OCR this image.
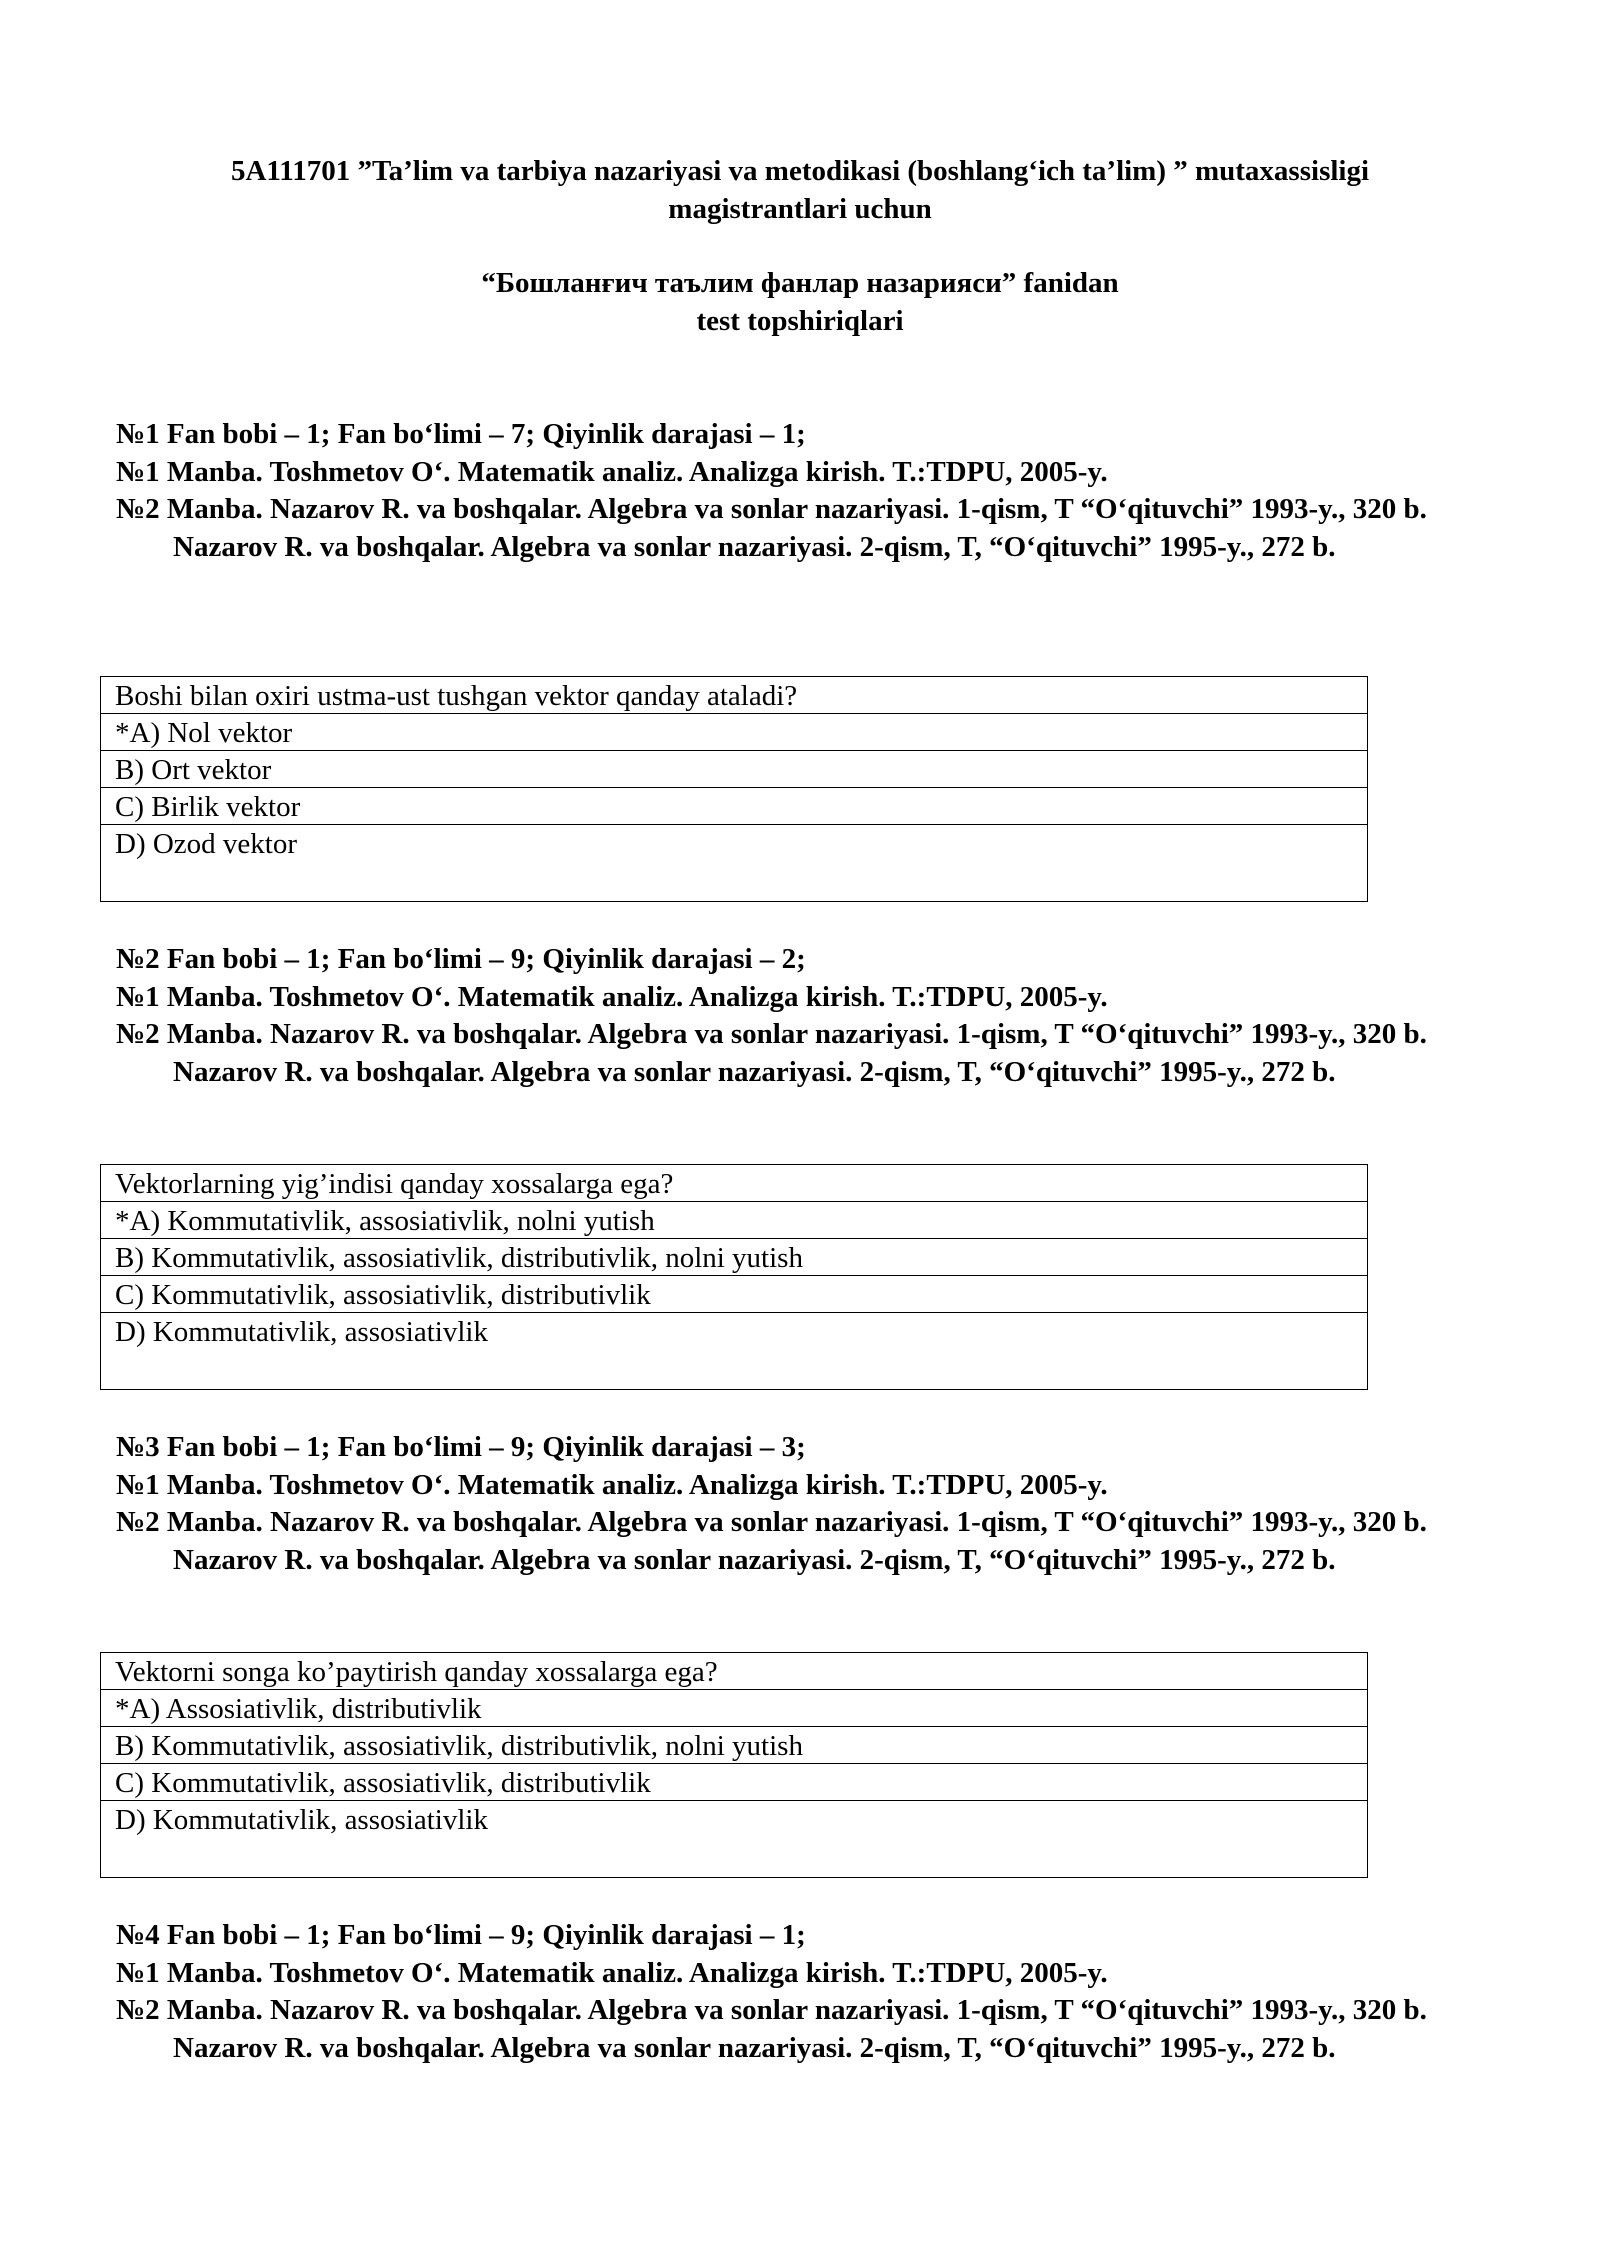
5A111701 ”Ta’lim va tarbiya nazariyasi va metodikasi (boshlang‘ich ta’lim) ” mutaxassisligi
magistrantlari uchun
“Бошланғич таълим фанлар назарияси” fanidan
test topshiriqlari

№1 Fan bobi – 1; Fan bo‘limi – 7; Qiyinlik darajasi – 1;

№1 Manba. Toshmetov O‘. Matematik analiz. Analizga kirish. T.:TDPU, 2005-y.

№2 Manba. Nazarov R. va boshqalar. Algebra va sonlar nazariyasi. 1-qism, T “O‘qituvchi” 1993-y., 320 b. Nazarov R. va boshqalar. Algebra va sonlar nazariyasi. 2-qism, T, “O‘qituvchi” 1995-y., 272 b.

Boshi bilan oxiri ustma-ust tushgan vektor qanday ataladi?
*A) Nol vektor
B) Ort vektor
C) Birlik vektor
D) Ozod vektor

№2 Fan bobi – 1; Fan bo‘limi – 9; Qiyinlik darajasi – 2;

№1 Manba. Toshmetov O‘. Matematik analiz. Analizga kirish. T.:TDPU, 2005-y.

№2 Manba. Nazarov R. va boshqalar. Algebra va sonlar nazariyasi. 1-qism, T “O‘qituvchi” 1993-y., 320 b. Nazarov R. va boshqalar. Algebra va sonlar nazariyasi. 2-qism, T, “O‘qituvchi” 1995-y., 272 b.

Vektorlarning yig’indisi qanday xossalarga ega?
*A) Kommutativlik, assosiativlik, nolni yutish
B) Kommutativlik, assosiativlik, distributivlik, nolni yutish
C) Kommutativlik, assosiativlik, distributivlik
D) Kommutativlik, assosiativlik

№3 Fan bobi – 1; Fan bo‘limi – 9; Qiyinlik darajasi – 3;

№1 Manba. Toshmetov O‘. Matematik analiz. Analizga kirish. T.:TDPU, 2005-y.

№2 Manba. Nazarov R. va boshqalar. Algebra va sonlar nazariyasi. 1-qism, T “O‘qituvchi” 1993-y., 320 b. Nazarov R. va boshqalar. Algebra va sonlar nazariyasi. 2-qism, T, “O‘qituvchi” 1995-y., 272 b.

Vektorni songa ko’paytirish qanday xossalarga ega?
*A) Assosiativlik, distributivlik
B) Kommutativlik, assosiativlik, distributivlik, nolni yutish
C) Kommutativlik, assosiativlik, distributivlik
D) Kommutativlik, assosiativlik

№4 Fan bobi – 1; Fan bo‘limi – 9; Qiyinlik darajasi – 1;

№1 Manba. Toshmetov O‘. Matematik analiz. Analizga kirish. T.:TDPU, 2005-y.

№2 Manba. Nazarov R. va boshqalar. Algebra va sonlar nazariyasi. 1-qism, T “O‘qituvchi” 1993-y., 320 b. Nazarov R. va boshqalar. Algebra va sonlar nazariyasi. 2-qism, T, “O‘qituvchi” 1995-y., 272 b.
